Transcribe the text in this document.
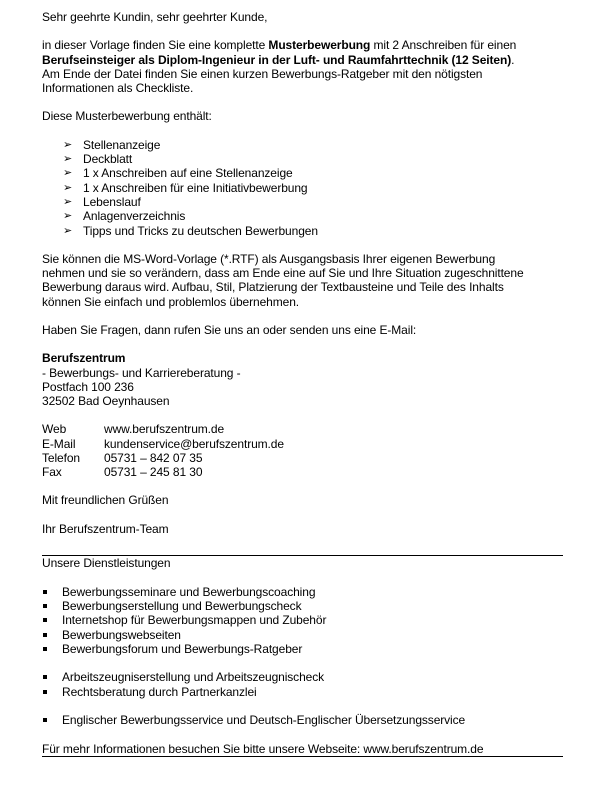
Sehr geehrte Kundin, sehr geehrter Kunde,

in dieser Vorlage finden Sie eine komplette Musterbewerbung mit 2 Anschreiben für einen

Berufseinsteiger als Diplom-Ingenieur in der Luft- und Raumfahrttechnik (12 Seiten).

Am Ende der Datei finden Sie einen kurzen Bewerbungs-Ratgeber mit den nötigsten

Informationen als Checkliste.

Diese Musterbewerbung enthält:

➢ Stellenanzeige
➢ Deckblatt
➢ 1 x Anschreiben auf eine Stellenanzeige
➢ 1 x Anschreiben für eine Initiativbewerbung
➢ Lebenslauf
➢ Anlagenverzeichnis
➢ Tipps und Tricks zu deutschen Bewerbungen

Sie können die MS-Word-Vorlage (*.RTF) als Ausgangsbasis Ihrer eigenen Bewerbung

nehmen und sie so verändern, dass am Ende eine auf Sie und Ihre Situation zugeschnittene

Bewerbung daraus wird. Aufbau, Stil, Platzierung der Textbausteine und Teile des Inhalts

können Sie einfach und problemlos übernehmen.

Haben Sie Fragen, dann rufen Sie uns an oder senden uns eine E-Mail:

Berufszentrum

- Bewerbungs- und Karriereberatung -

Postfach 100 236

32502 Bad Oeynhausen

Web	www.berufszentrum.de
E-Mail	kundenservice@berufszentrum.de
Telefon	05731 – 842 07 35
Fax	05731 – 245 81 30

Mit freundlichen Grüßen

Ihr Berufszentrum-Team

Unsere Dienstleistungen

Bewerbungsseminare und Bewerbungscoaching
Bewerbungserstellung und Bewerbungscheck
Internetshop für Bewerbungsmappen und Zubehör
Bewerbungswebseiten
Bewerbungsforum und Bewerbungs-Ratgeber
Arbeitszeugniserstellung und Arbeitszeugnischeck
Rechtsberatung durch Partnerkanzlei
Englischer Bewerbungsservice und Deutsch-Englischer Übersetzungsservice

Für mehr Informationen besuchen Sie bitte unsere Webseite: www.berufszentrum.de
